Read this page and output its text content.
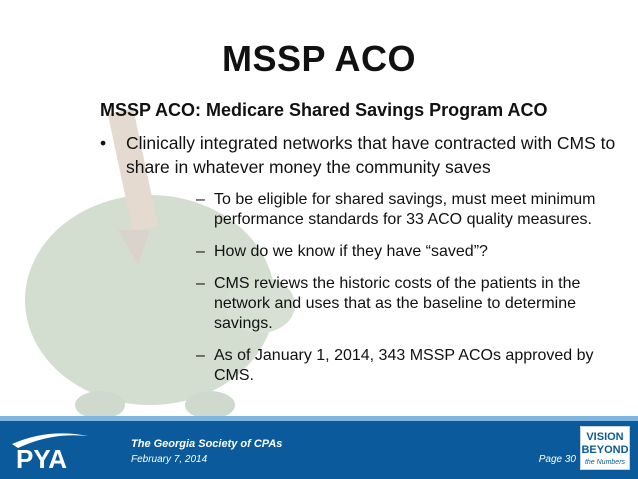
MSSP ACO
MSSP ACO: Medicare Shared Savings Program ACO
• Clinically integrated networks that have contracted with CMS to share in whatever money the community saves
– To be eligible for shared savings, must meet minimum performance standards for 33 ACO quality measures.
– How do we know if they have “saved”?
– CMS reviews the historic costs of the patients in the network and uses that as the baseline to determine savings.
– As of January 1, 2014, 343 MSSP ACOs approved by CMS.
PYA	The Georgia Society of CPAs
February 7, 2014	Page 30
VISION
BEYOND
the Numbers
